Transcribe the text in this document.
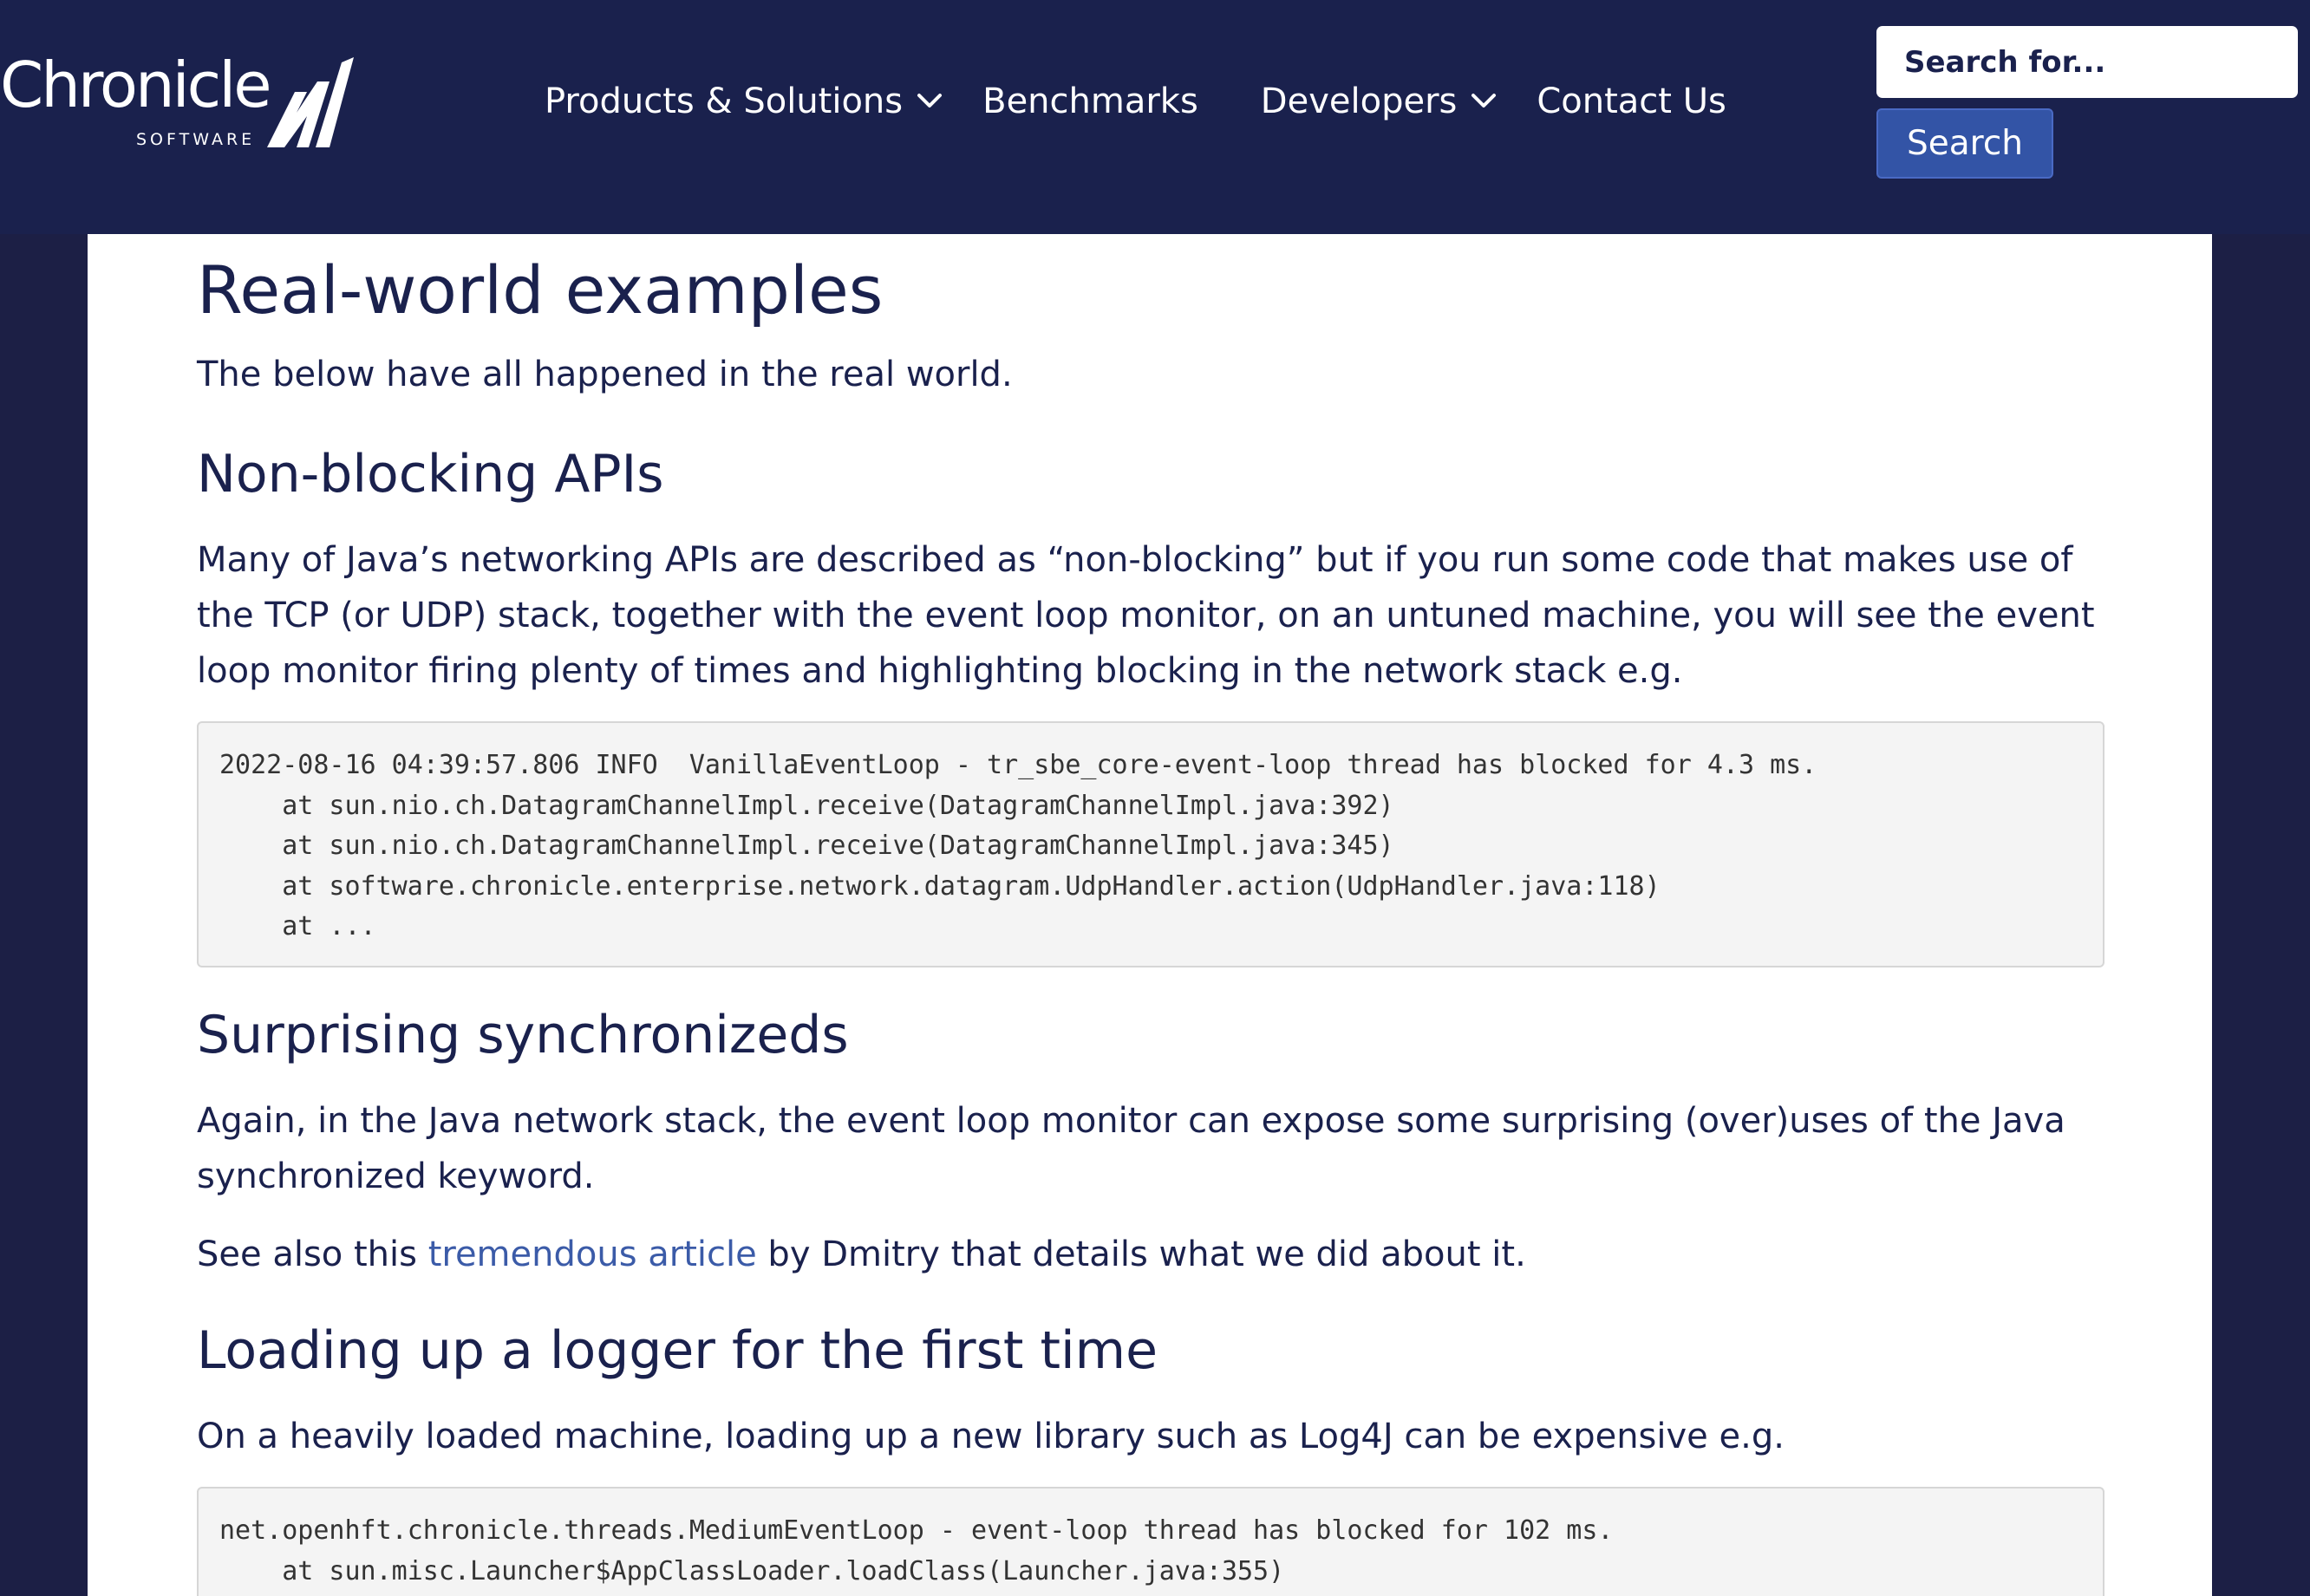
Chronicle
SOFTWARE
Products & Solutions Benchmarks Developers Contact Us
Search for...
Search
Real-world examples

The below have all happened in the real world.

Non-blocking APIs

Many of Java’s networking APIs are described as “non-blocking” but if you run some code that makes use of the TCP (or UDP) stack, together with the event loop monitor, on an untuned machine, you will see the event loop monitor firing plenty of times and highlighting blocking in the network stack e.g.

2022-08-16 04:39:57.806 INFO  VanillaEventLoop - tr_sbe_core-event-loop thread has blocked for 4.3 ms.
at sun.nio.ch.DatagramChannelImpl.receive(DatagramChannelImpl.java:392)
at sun.nio.ch.DatagramChannelImpl.receive(DatagramChannelImpl.java:345)
at software.chronicle.enterprise.network.datagram.UdpHandler.action(UdpHandler.java:118)
at ...
Surprising synchronizeds

Again, in the Java network stack, the event loop monitor can expose some surprising (over)uses of the Java synchronized keyword.

See also this tremendous article by Dmitry that details what we did about it.

Loading up a logger for the first time

On a heavily loaded machine, loading up a new library such as Log4J can be expensive e.g.

net.openhft.chronicle.threads.MediumEventLoop - event-loop thread has blocked for 102 ms.
at sun.misc.Launcher$AppClassLoader.loadClass(Launcher.java:355)
